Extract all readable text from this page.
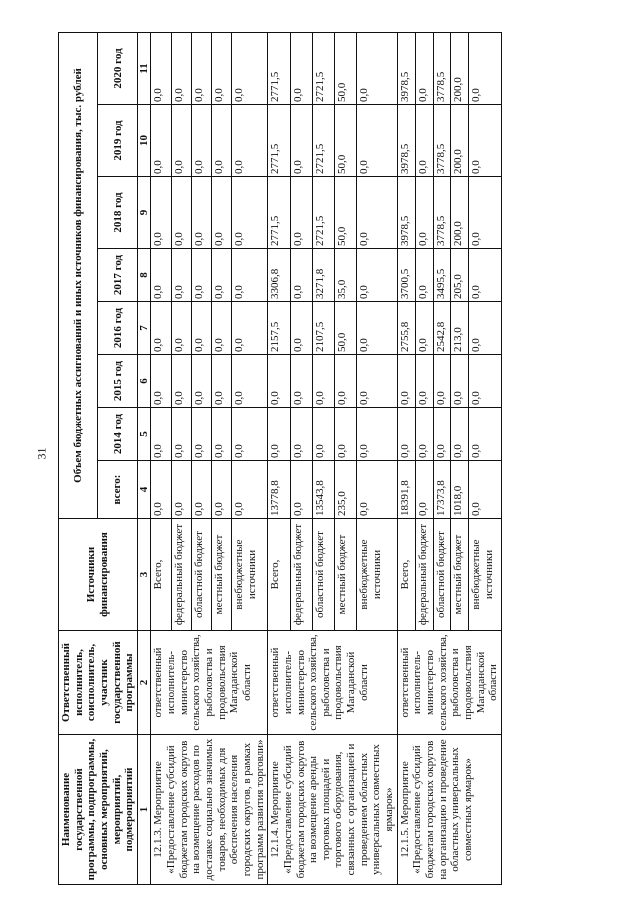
31
Наименование государственной программы, подпрограммы, основных мероприятий, мероприятий, подмероприятий	Ответственный исполнитель, соисполнитель, участник государственной программы	Источники финансирования	Объем бюджетных ассигнований и иных источников финансирования, тыс. рублей							
			всего:	2014 год	2015 год	2016 год	2017 год	2018 год	2019 год	2020 год
1	2	3	4	5	6	7	8	9	10	11
12.1.3. Мероприятие «Предоставление субсидий бюджетам городских округов на возмещение расходов по доставке социально значимых товаров, необходимых для обеспечения населения городских округов, в рамках программ развития торговли»	ответственный исполнитель- министерство сельского хозяйства, рыболовства и продовольствия Магаданской области	Всего,	0,0	0,0	0,0	0,0	0,0	0,0	0,0	0,0
		федеральный бюджет	0,0	0,0	0,0	0,0	0,0	0,0	0,0	0,0
		областной бюджет	0,0	0,0	0,0	0,0	0,0	0,0	0,0	0,0
		местный бюджет	0,0	0,0	0,0	0,0	0,0	0,0	0,0	0,0
		внебюджетные источники	0,0	0,0	0,0	0,0	0,0	0,0	0,0	0,0
12.1.4. Мероприятие «Предоставление субсидий бюджетам городских округов на возмещение аренды торговых площадей и торгового оборудования, связанных с организацией и проведением областных универсальных совместных ярмарок»	ответственный исполнитель- министерство сельского хозяйства, рыболовства и продовольствия Магаданской области	Всего,	13778,8	0,0	0,0	2157,5	3306,8	2771,5	2771,5	2771,5
		федеральный бюджет	0,0	0,0	0,0	0,0	0,0	0,0	0,0	0,0
		областной бюджет	13543,8	0,0	0,0	2107,5	3271,8	2721,5	2721,5	2721,5
		местный бюджет	235,0	0,0	0,0	50,0	35,0	50,0	50,0	50,0
		внебюджетные источники	0,0	0,0	0,0	0,0	0,0	0,0	0,0	0,0
12.1.5. Мероприятие «Предоставление субсидий бюджетам городских округов на организацию и проведение областных универсальных совместных ярмарок»	ответственный исполнитель- министерство сельского хозяйства, рыболовства и продовольствия Магаданской области	Всего,	18391,8	0,0	0,0	2755,8	3700,5	3978,5	3978,5	3978,5
		федеральный бюджет	0,0	0,0	0,0	0,0	0,0	0,0	0,0	0,0
		областной бюджет	17373,8	0,0	0,0	2542,8	3495,5	3778,5	3778,5	3778,5
		местный бюджет	1018,0	0,0	0,0	213,0	205,0	200,0	200,0	200,0
		внебюджетные источники	0,0	0,0	0,0	0,0	0,0	0,0	0,0	0,0
